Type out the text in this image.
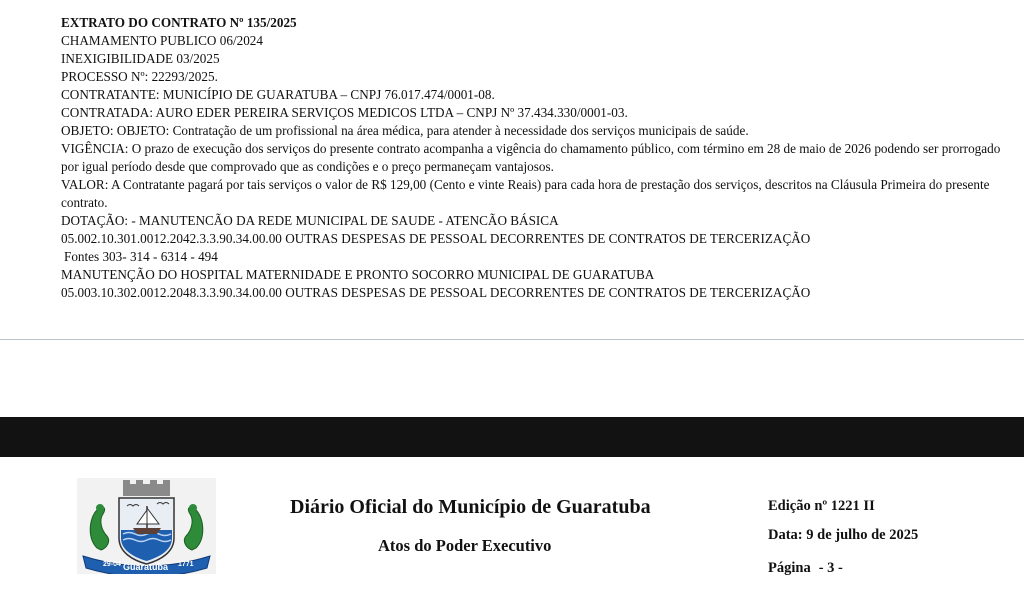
EXTRATO DO CONTRATO Nº 135/2025
CHAMAMENTO PUBLICO 06/2024
INEXIGIBILIDADE 03/2025
PROCESSO Nº: 22293/2025.
CONTRATANTE: MUNICÍPIO DE GUARATUBA – CNPJ 76.017.474/0001-08.
CONTRATADA: AURO EDER PEREIRA SERVIÇOS MEDICOS LTDA – CNPJ Nº 37.434.330/0001-03.
OBJETO: OBJETO: Contratação de um profissional na área médica, para atender à necessidade dos serviços municipais de saúde.
VIGÊNCIA: O prazo de execução dos serviços do presente contrato acompanha a vigência do chamamento público, com término em 28 de maio de 2026 podendo ser prorrogado por igual período desde que comprovado que as condições e o preço permaneçam vantajosos.
VALOR: A Contratante pagará por tais serviços o valor de R$ 129,00 (Cento e vinte Reais) para cada hora de prestação dos serviços, descritos na Cláusula Primeira do presente contrato.
DOTAÇÃO: - MANUTENCÃO DA REDE MUNICIPAL DE SAUDE - ATENCÃO BÁSICA
05.002.10.301.0012.2042.3.3.90.34.00.00 OUTRAS DESPESAS DE PESSOAL DECORRENTES DE CONTRATOS DE TERCERIZAÇÃO
Fontes 303- 314 - 6314 - 494
MANUTENÇÃO DO HOSPITAL MATERNIDADE E PRONTO SOCORRO MUNICIPAL DE GUARATUBA
05.003.10.302.0012.2048.3.3.90.34.00.00 OUTRAS DESPESAS DE PESSOAL DECORRENTES DE CONTRATOS DE TERCERIZAÇÃO
29-04 Guaratuba 1771
Diário Oficial do Município de Guaratuba
Atos do Poder Executivo
Edição nº 1221 II
Data: 9 de julho de 2025
Página - 3 -
